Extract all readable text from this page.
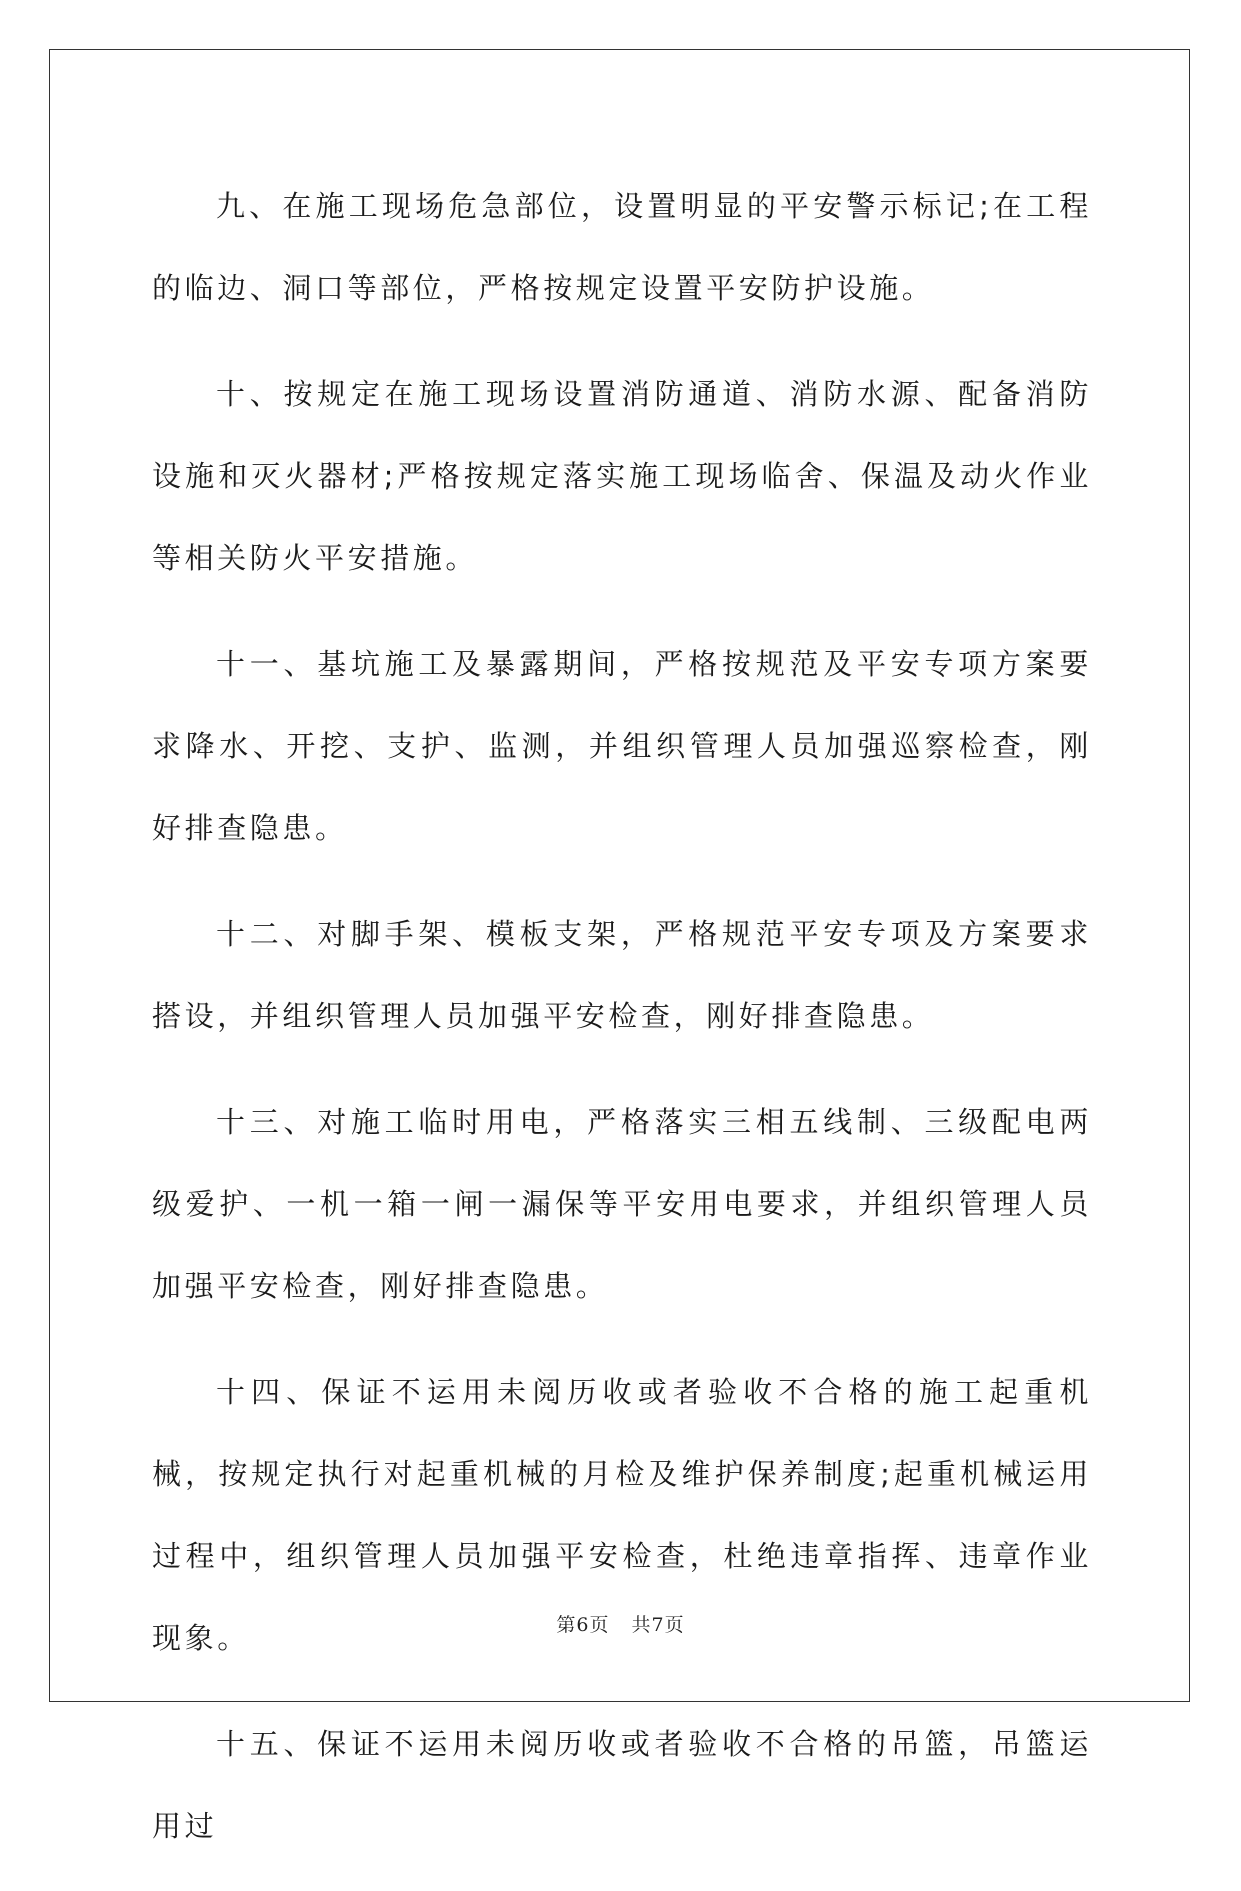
九、在施工现场危急部位，设置明显的平安警示标记;在工程的临边、洞口等部位，严格按规定设置平安防护设施。

十、按规定在施工现场设置消防通道、消防水源、配备消防设施和灭火器材;严格按规定落实施工现场临舍、保温及动火作业等相关防火平安措施。

十一、基坑施工及暴露期间，严格按规范及平安专项方案要求降水、开挖、支护、监测，并组织管理人员加强巡察检查，刚好排查隐患。

十二、对脚手架、模板支架，严格规范平安专项及方案要求搭设，并组织管理人员加强平安检查，刚好排查隐患。

十三、对施工临时用电，严格落实三相五线制、三级配电两级爱护、一机一箱一闸一漏保等平安用电要求，并组织管理人员加强平安检查，刚好排查隐患。

十四、保证不运用未阅历收或者验收不合格的施工起重机械，按规定执行对起重机械的月检及维护保养制度;起重机械运用过程中，组织管理人员加强平安检查，杜绝违章指挥、违章作业现象。

十五、保证不运用未阅历收或者验收不合格的吊篮，吊篮运用过

第6页 共7页
